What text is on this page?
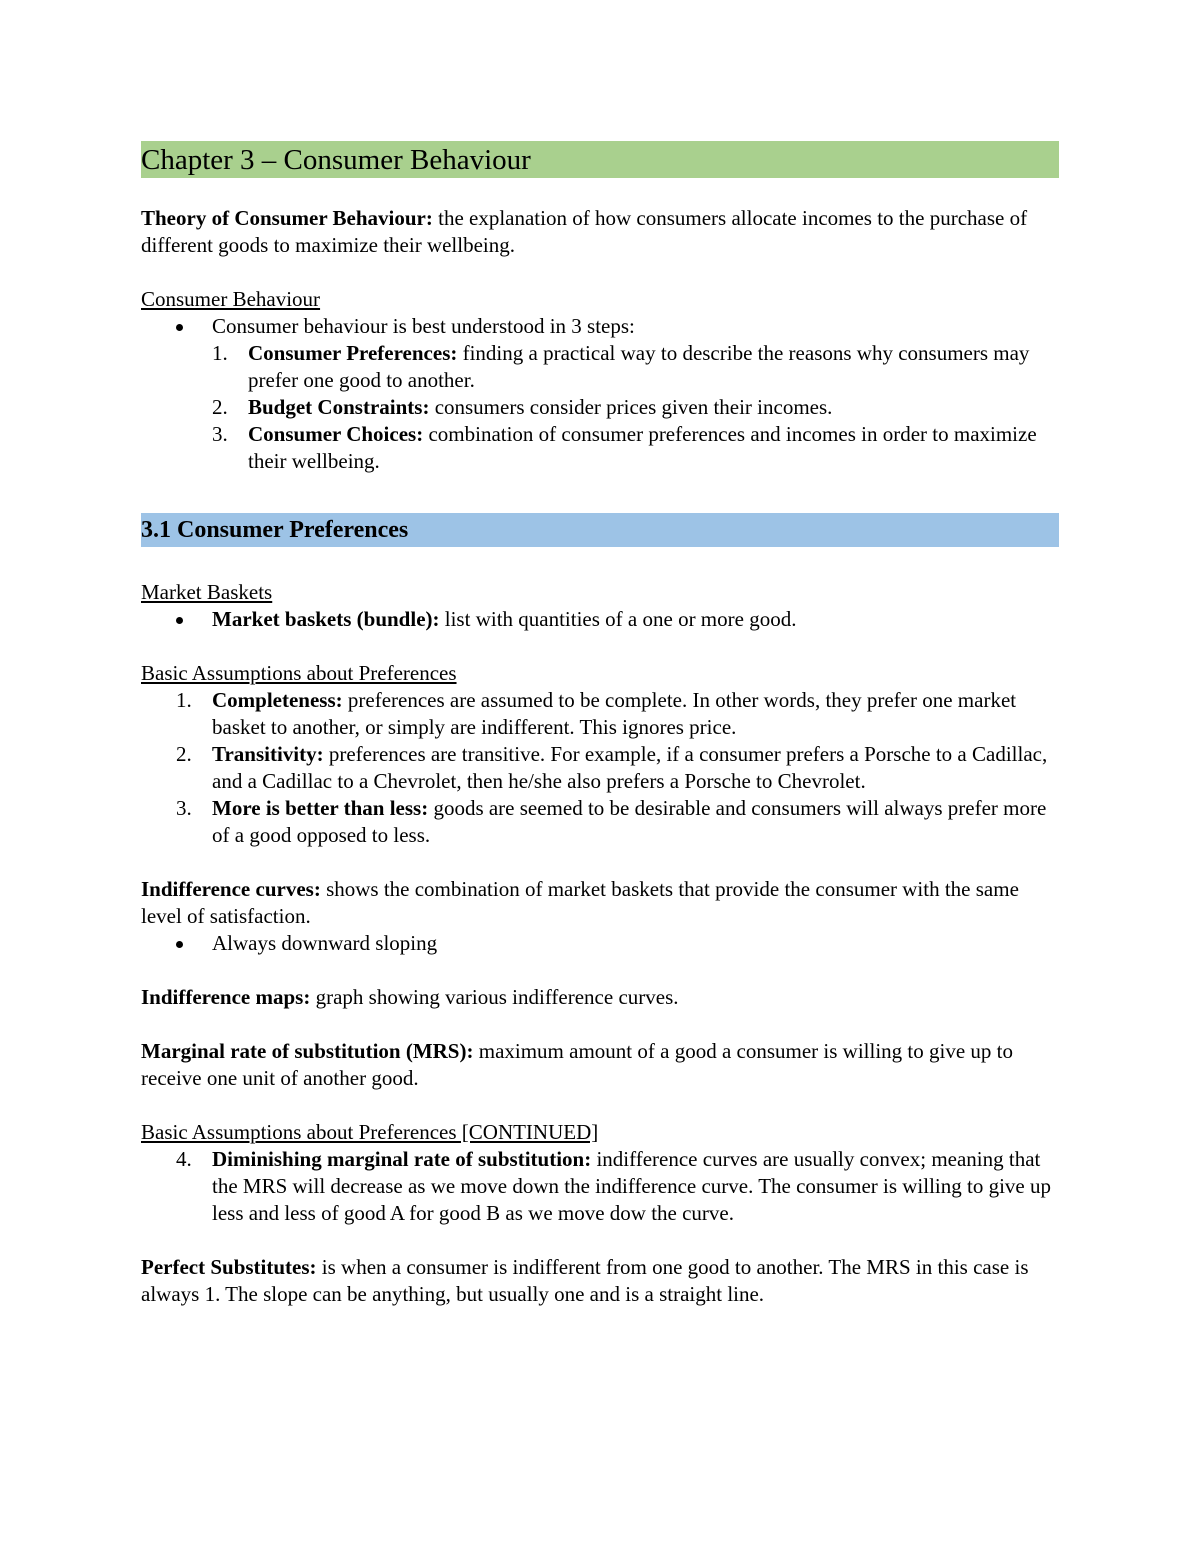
Chapter 3 – Consumer Behaviour

Theory of Consumer Behaviour: the explanation of how consumers allocate incomes to the purchase of different goods to maximize their wellbeing.

Consumer Behaviour

Consumer behaviour is best understood in 3 steps:
1. Consumer Preferences: finding a practical way to describe the reasons why consumers may prefer one good to another.
2. Budget Constraints: consumers consider prices given their incomes.
3. Consumer Choices: combination of consumer preferences and incomes in order to maximize their wellbeing.
3.1 Consumer Preferences

Market Baskets

Market baskets (bundle): list with quantities of a one or more good.

Basic Assumptions about Preferences

1. Completeness: preferences are assumed to be complete. In other words, they prefer one market basket to another, or simply are indifferent. This ignores price.
2. Transitivity: preferences are transitive. For example, if a consumer prefers a Porsche to a Cadillac, and a Cadillac to a Chevrolet, then he/she also prefers a Porsche to Chevrolet.
3. More is better than less: goods are seemed to be desirable and consumers will always prefer more of a good opposed to less.

Indifference curves: shows the combination of market baskets that provide the consumer with the same level of satisfaction.

Always downward sloping

Indifference maps: graph showing various indifference curves.

Marginal rate of substitution (MRS): maximum amount of a good a consumer is willing to give up to receive one unit of another good.

Basic Assumptions about Preferences [CONTINUED]

4. Diminishing marginal rate of substitution: indifference curves are usually convex; meaning that the MRS will decrease as we move down the indifference curve. The consumer is willing to give up less and less of good A for good B as we move dow the curve.

Perfect Substitutes: is when a consumer is indifferent from one good to another. The MRS in this case is always 1. The slope can be anything, but usually one and is a straight line.
